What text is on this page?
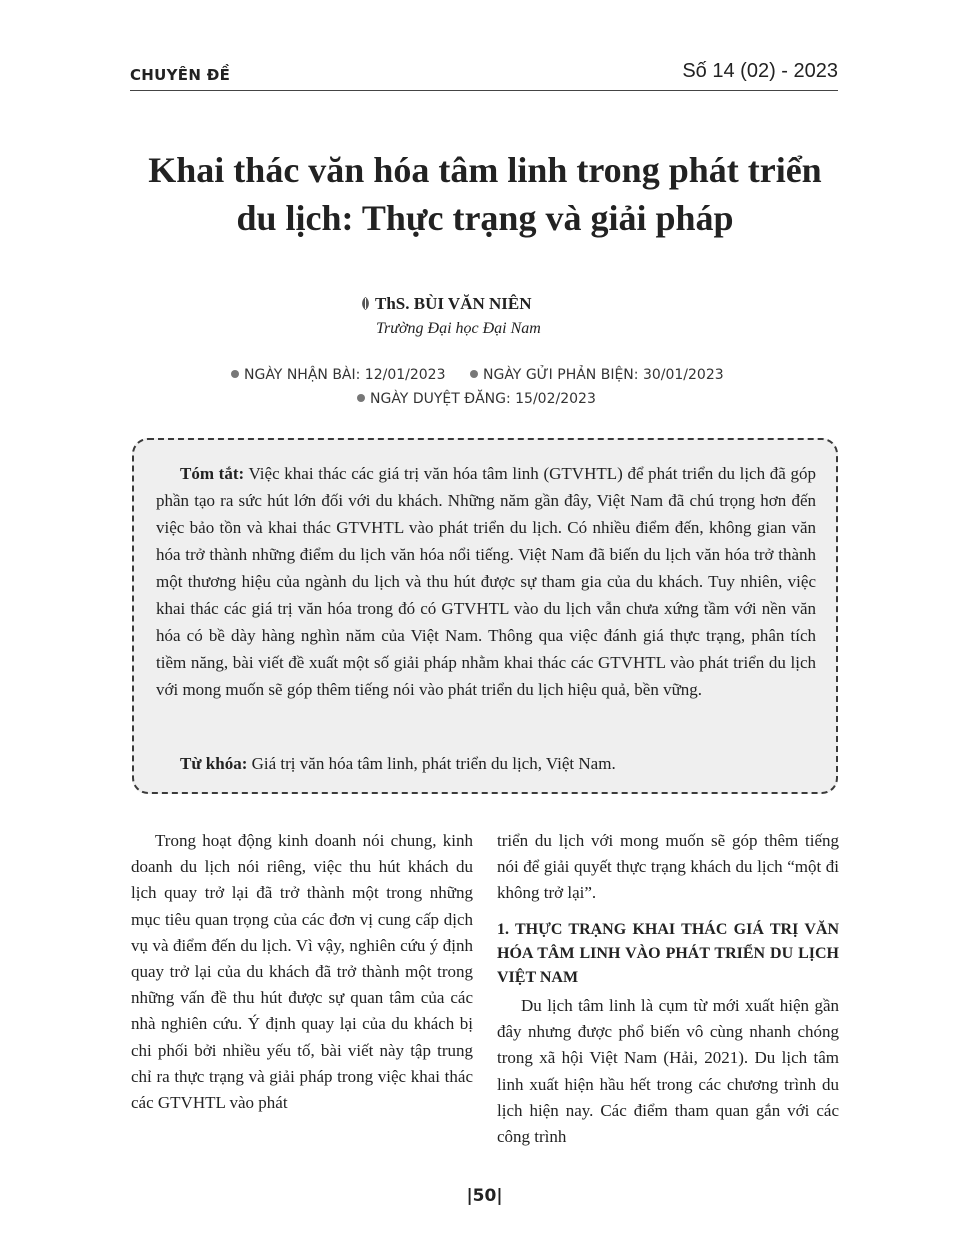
CHUYÊN ĐỀ	Số 14 (02) - 2023
Khai thác văn hóa tâm linh trong phát triển
du lịch: Thực trạng và giải pháp
ThS. BÙI VĂN NIÊN
Trường Đại học Đại Nam
NGÀY NHẬN BÀI: 12/01/2023	NGÀY GỬI PHẢN BIỆN: 30/01/2023
NGÀY DUYỆT ĐĂNG: 15/02/2023

Tóm tắt: Việc khai thác các giá trị văn hóa tâm linh (GTVHTL) để phát triển du lịch đã góp phần tạo ra sức hút lớn đối với du khách. Những năm gần đây, Việt Nam đã chú trọng hơn đến việc bảo tồn và khai thác GTVHTL vào phát triển du lịch. Có nhiều điểm đến, không gian văn hóa trở thành những điểm du lịch văn hóa nổi tiếng. Việt Nam đã biến du lịch văn hóa trở thành một thương hiệu của ngành du lịch và thu hút được sự tham gia của du khách. Tuy nhiên, việc khai thác các giá trị văn hóa trong đó có GTVHTL vào du lịch vẫn chưa xứng tầm với nền văn hóa có bề dày hàng nghìn năm của Việt Nam. Thông qua việc đánh giá thực trạng, phân tích tiềm năng, bài viết đề xuất một số giải pháp nhằm khai thác các GTVHTL vào phát triển du lịch với mong muốn sẽ góp thêm tiếng nói vào phát triển du lịch hiệu quả, bền vững.

Từ khóa: Giá trị văn hóa tâm linh, phát triển du lịch, Việt Nam.

Trong hoạt động kinh doanh nói chung, kinh doanh du lịch nói riêng, việc thu hút khách du lịch quay trở lại đã trở thành một trong những mục tiêu quan trọng của các đơn vị cung cấp dịch vụ và điểm đến du lịch. Vì vậy, nghiên cứu ý định quay trở lại của du khách đã trở thành một trong những vấn đề thu hút được sự quan tâm của các nhà nghiên cứu. Ý định quay lại của du khách bị chi phối bởi nhiều yếu tố, bài viết này tập trung chỉ ra thực trạng và giải pháp trong việc khai thác các GTVHTL vào phát

triển du lịch với mong muốn sẽ góp thêm tiếng nói để giải quyết thực trạng khách du lịch “một đi không trở lại”.

1. THỰC TRẠNG KHAI THÁC GIÁ TRỊ VĂN HÓA TÂM LINH VÀO PHÁT TRIỂN DU LỊCH VIỆT NAM

Du lịch tâm linh là cụm từ mới xuất hiện gần đây nhưng được phổ biến vô cùng nhanh chóng trong xã hội Việt Nam (Hải, 2021). Du lịch tâm linh xuất hiện hầu hết trong các chương trình du lịch hiện nay. Các điểm tham quan gắn với các công trình

|50|
